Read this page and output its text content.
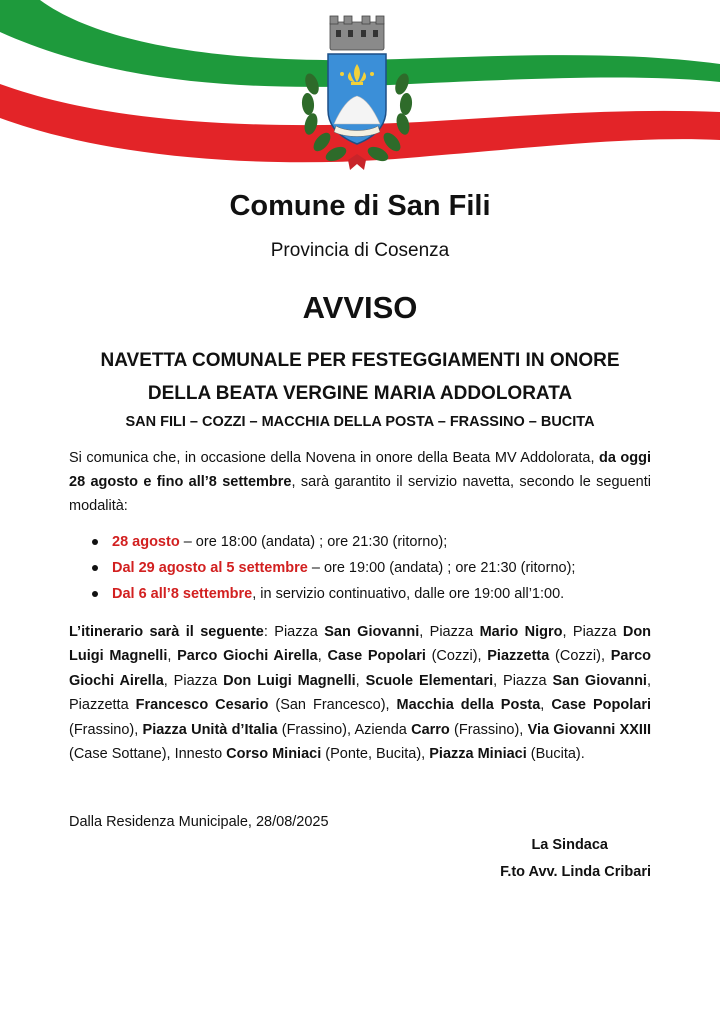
Comune di San Fili
Provincia di Cosenza
AVVISO
NAVETTA COMUNALE PER FESTEGGIAMENTI IN ONORE
DELLA BEATA VERGINE MARIA ADDOLORATA
SAN FILI – COZZI – MACCHIA DELLA POSTA – FRASSINO – BUCITA
Si comunica che, in occasione della Novena in onore della Beata MV Addolorata, da oggi 28 agosto e fino all’8 settembre, sarà garantito il servizio navetta, secondo le seguenti modalità:
28 agosto – ore 18:00 (andata) ; ore 21:30 (ritorno);
Dal 29 agosto al 5 settembre – ore 19:00 (andata) ; ore 21:30 (ritorno);
Dal 6 all’8 settembre, in servizio continuativo, dalle ore 19:00 all’1:00.
L’itinerario sarà il seguente: Piazza San Giovanni, Piazza Mario Nigro, Piazza Don Luigi Magnelli, Parco Giochi Airella, Case Popolari (Cozzi), Piazzetta (Cozzi), Parco Giochi Airella, Piazza Don Luigi Magnelli, Scuole Elementari, Piazza San Giovanni, Piazzetta Francesco Cesario (San Francesco), Macchia della Posta, Case Popolari (Frassino), Piazza Unità d’Italia (Frassino), Azienda Carro (Frassino), Via Giovanni XXIII (Case Sottane), Innesto Corso Miniaci (Ponte, Bucita), Piazza Miniaci (Bucita).
Dalla Residenza Municipale, 28/08/2025
La Sindaca
F.to Avv. Linda Cribari
